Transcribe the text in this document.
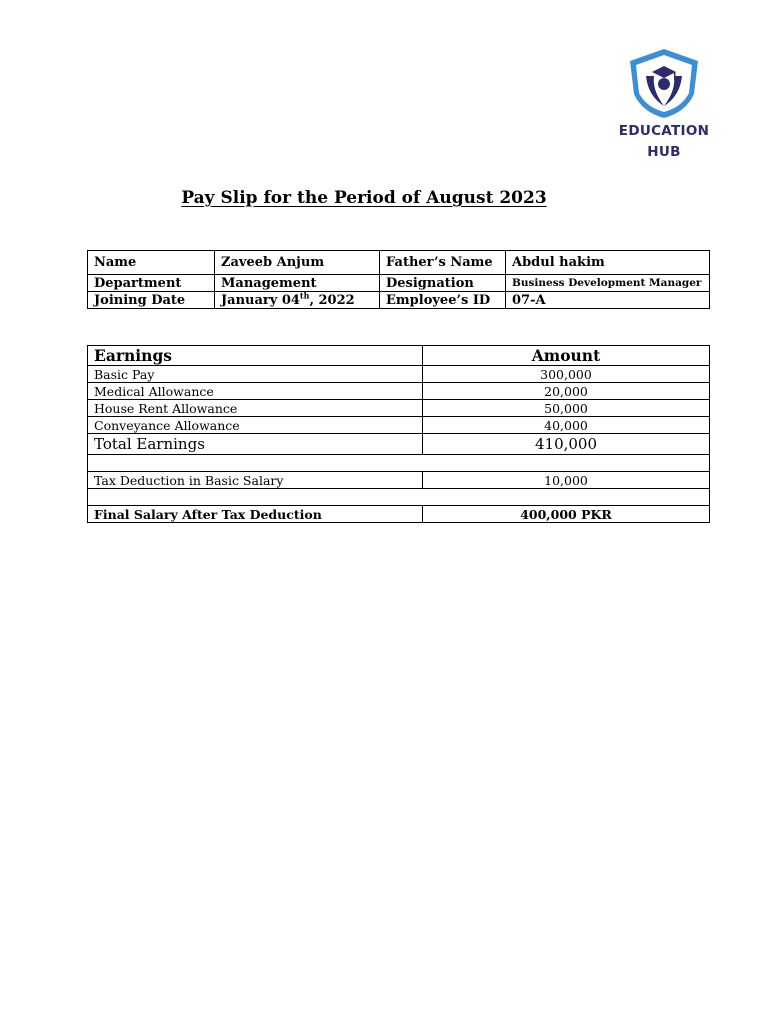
EDUCATION
HUB
Pay Slip for the Period of August 2023
Name	Zaveeb Anjum	Father’s Name	Abdul hakim
Department	Management	Designation	Business Development Manager
Joining Date	January 04th, 2022	Employee’s ID	07-A
Earnings	Amount
Basic Pay	300,000
Medical Allowance	20,000
House Rent Allowance	50,000
Conveyance Allowance	40,000
Total Earnings	410,000

Tax Deduction in Basic Salary	10,000

Final Salary After Tax Deduction	400,000 PKR
